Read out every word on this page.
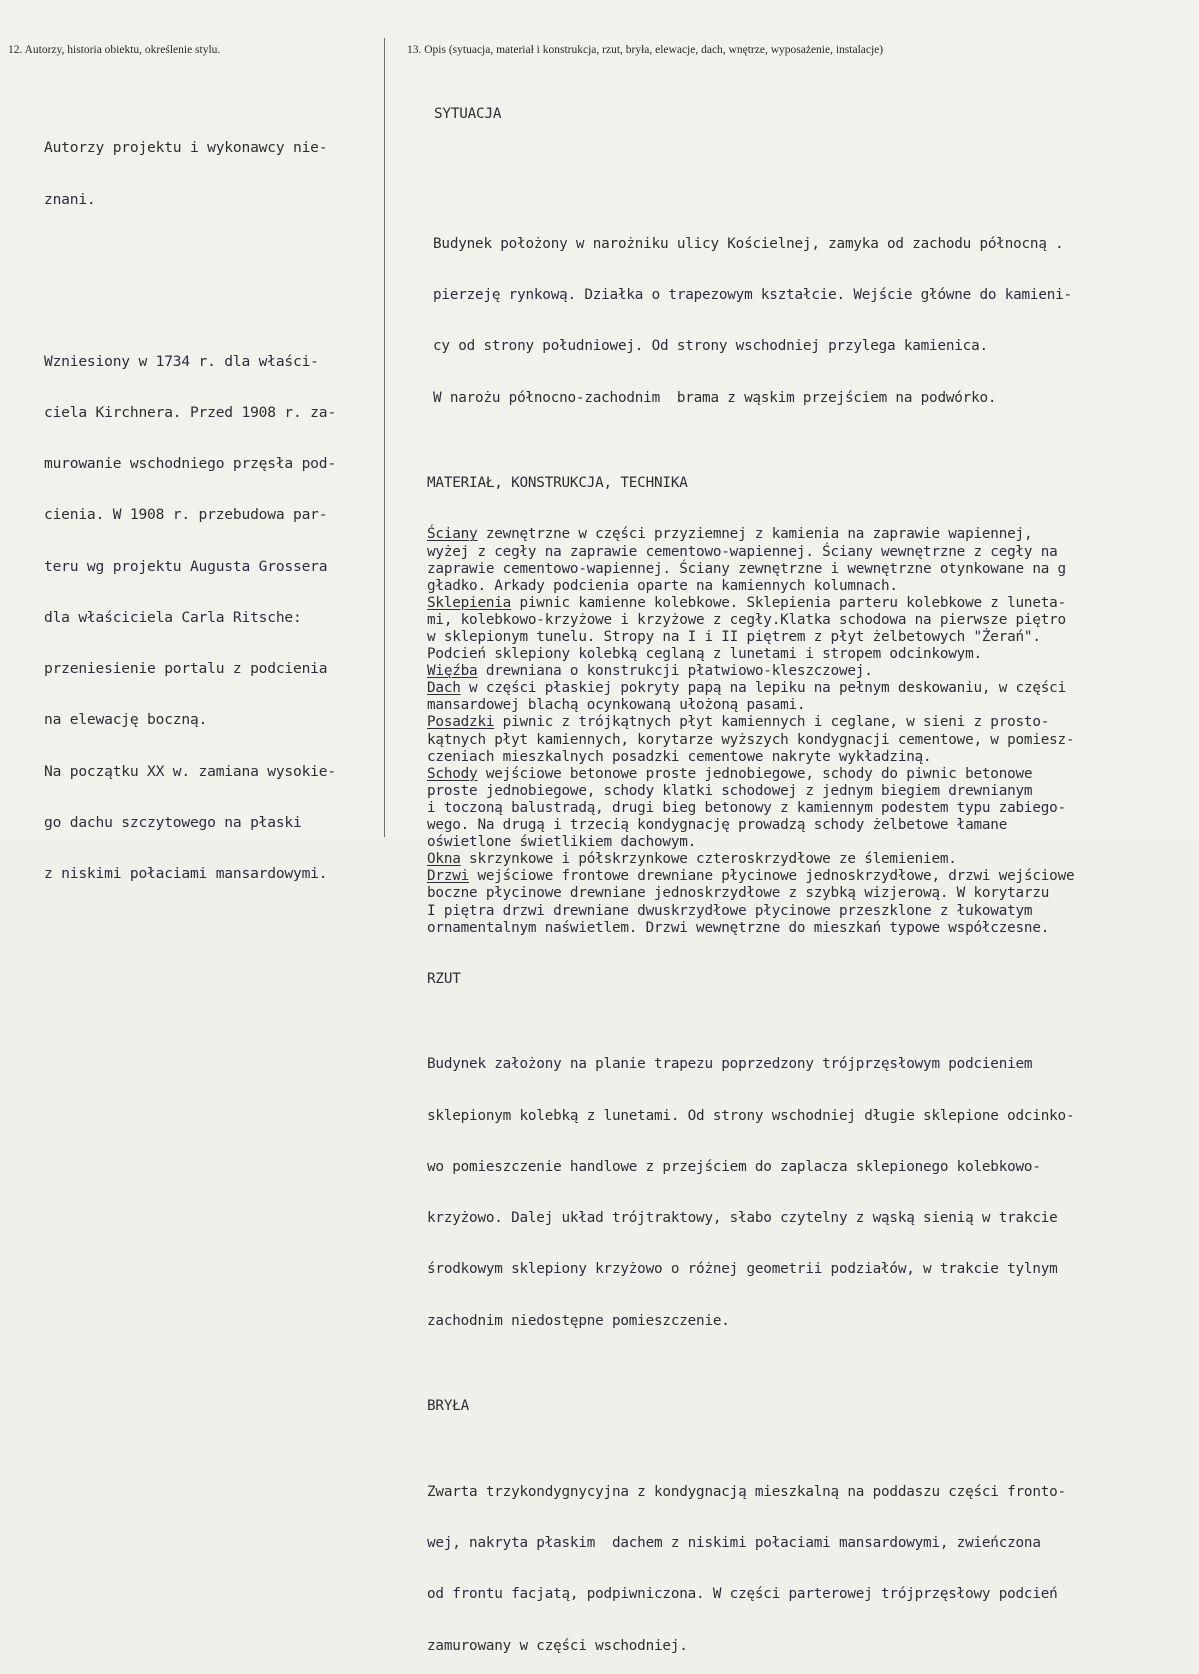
12. Autorzy, historia obiektu, określenie stylu.	13. Opis (sytuacja, materiał i konstrukcja, rzut, bryła, elewacje, dach, wnętrze, wyposażenie, instalacje)

Autorzy projektu i wykonawcy nie-

znani.

Wzniesiony w 1734 r. dla właści-

ciela Kirchnera. Przed 1908 r. za-

murowanie wschodniego przęsła pod-

cienia. W 1908 r. przebudowa par-

teru wg projektu Augusta Grossera

dla właściciela Carla Ritsche:

przeniesienie portalu z podcienia

na elewację boczną.

Na początku XX w. zamiana wysokie-

go dachu szczytowego na płaski

z niskimi połaciami mansardowymi.

SYTUACJA

Budynek położony w narożniku ulicy Kościelnej, zamyka od zachodu północną .

pierzeję rynkową. Działka o trapezowym kształcie. Wejście główne do kamieni-

cy od strony południowej. Od strony wschodniej przylega kamienica.

W narożu północno-zachodnim  brama z wąskim przejściem na podwórko.

MATERIAŁ, KONSTRUKCJA, TECHNIKA

Ściany zewnętrzne w części przyziemnej z kamienia na zaprawie wapiennej,
wyżej z cegły na zaprawie cementowo-wapiennej. Ściany wewnętrzne z cegły na
zaprawie cementowo-wapiennej. Ściany zewnętrzne i wewnętrzne otynkowane na g
gładko. Arkady podcienia oparte na kamiennych kolumnach.
Sklepienia piwnic kamienne kolebkowe. Sklepienia parteru kolebkowe z luneta-
mi, kolebkowo-krzyżowe i krzyżowe z cegły.Klatka schodowa na pierwsze piętro
w sklepionym tunelu. Stropy na I i II piętrem z płyt żelbetowych "Żerań".
Podcień sklepiony kolebką ceglaną z lunetami i stropem odcinkowym.
Więźba drewniana o konstrukcji płatwiowo-kleszczowej.
Dach w części płaskiej pokryty papą na lepiku na pełnym deskowaniu, w części
mansardowej blachą ocynkowaną ułożoną pasami.
Posadzki piwnic z trójkątnych płyt kamiennych i ceglane, w sieni z prosto-
kątnych płyt kamiennych, korytarze wyższych kondygnacji cementowe, w pomiesz-
czeniach mieszkalnych posadzki cementowe nakryte wykładziną.
Schody wejściowe betonowe proste jednobiegowe, schody do piwnic betonowe
proste jednobiegowe, schody klatki schodowej z jednym biegiem drewnianym
i toczoną balustradą, drugi bieg betonowy z kamiennym podestem typu zabiego-
wego. Na drugą i trzecią kondygnację prowadzą schody żelbetowe łamane
oświetlone świetlikiem dachowym.
Okna skrzynkowe i półskrzynkowe czteroskrzydłowe ze ślemieniem.
Drzwi wejściowe frontowe drewniane płycinowe jednoskrzydłowe, drzwi wejściowe
boczne płycinowe drewniane jednoskrzydłowe z szybką wizjerową. W korytarzu
I piętra drzwi drewniane dwuskrzydłowe płycinowe przeszklone z łukowatym
ornamentalnym naświetlem. Drzwi wewnętrzne do mieszkań typowe współczesne.

RZUT

Budynek założony na planie trapezu poprzedzony trójprzęsłowym podcieniem

sklepionym kolebką z lunetami. Od strony wschodniej długie sklepione odcinko-

wo pomieszczenie handlowe z przejściem do zaplacza sklepionego kolebkowo-

krzyżowo. Dalej układ trójtraktowy, słabo czytelny z wąską sienią w trakcie

środkowym sklepiony krzyżowo o różnej geometrii podziałów, w trakcie tylnym

zachodnim niedostępne pomieszczenie.

BRYŁA

Zwarta trzykondygnycyjna z kondygnacją mieszkalną na poddaszu części fronto-

wej, nakryta płaskim  dachem z niskimi połaciami mansardowymi, zwieńczona

od frontu facjatą, podpiwniczona. W części parterowej trójprzęsłowy podcień

zamurowany w części wschodniej.
